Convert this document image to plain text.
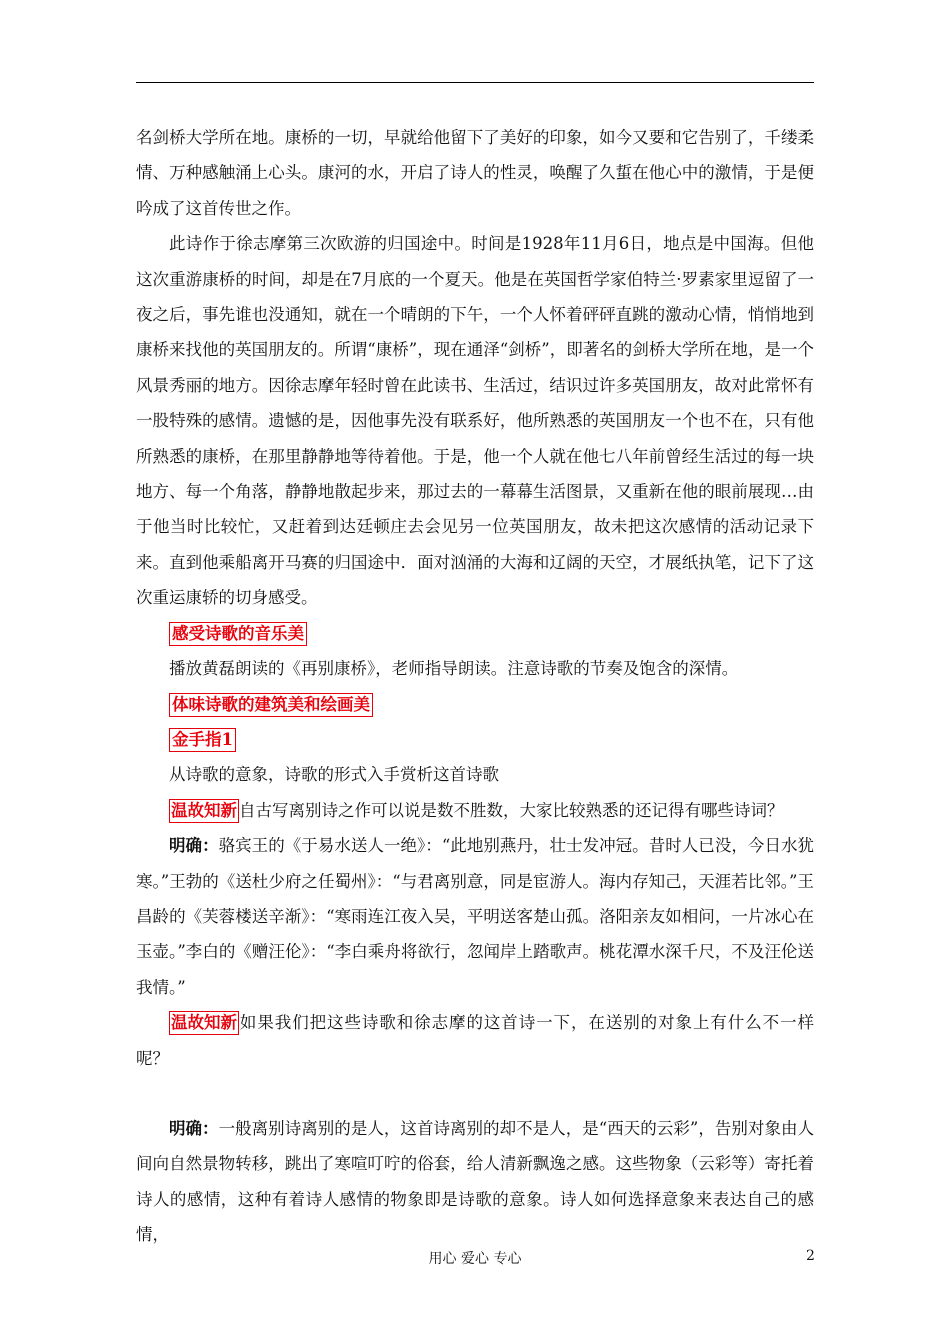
名剑桥大学所在地。康桥的一切，早就给他留下了美好的印象，如今又要和它告别了，千缕柔情、万种感触涌上心头。康河的水，开启了诗人的性灵，唤醒了久蜇在他心中的激情，于是便吟成了这首传世之作。

此诗作于徐志摩第三次欧游的归国途中。时间是1928年11月6日，地点是中国海。但他这次重游康桥的时间，却是在7月底的一个夏天。他是在英国哲学家伯特兰·罗素家里逗留了一夜之后，事先谁也没通知，就在一个晴朗的下午，一个人怀着砰砰直跳的激动心情，悄悄地到康桥来找他的英国朋友的。所谓“康桥”，现在通泽“剑桥”，即著名的剑桥大学所在地，是一个风景秀丽的地方。因徐志摩年轻时曾在此读书、生活过，结识过许多英国朋友，故对此常怀有一股特殊的感情。遗憾的是，因他事先没有联系好，他所熟悉的英国朋友一个也不在，只有他所熟悉的康桥，在那里静静地等待着他。于是，他一个人就在他七八年前曾经生活过的每一块地方、每一个角落，静静地散起步来，那过去的一幕幕生活图景，又重新在他的眼前展现…由于他当时比较忙，又赶着到达廷顿庄去会见另一位英国朋友，故未把这次感情的活动记录下来。直到他乘船离开马赛的归国途中．面对汹涌的大海和辽阔的天空，才展纸执笔，记下了这次重运康轿的切身感受。

感受诗歌的音乐美

播放黄磊朗读的《再别康桥》，老师指导朗读。注意诗歌的节奏及饱含的深情。

体味诗歌的建筑美和绘画美

金手指1

从诗歌的意象，诗歌的形式入手赏析这首诗歌

温故知新 自古写离别诗之作可以说是数不胜数，大家比较熟悉的还记得有哪些诗词？

明确：骆宾王的《于易水送人一绝》：“此地别燕丹，壮士发冲冠。昔时人已没，今日水犹寒。”王勃的《送杜少府之任蜀州》：“与君离别意，同是宦游人。海内存知己，天涯若比邻。”王昌龄的《芙蓉楼送辛渐》：“寒雨连江夜入吴，平明送客楚山孤。洛阳亲友如相问，一片冰心在玉壶。”李白的《赠汪伦》：“李白乘舟将欲行，忽闻岸上踏歌声。桃花潭水深千尺，不及汪伦送我情。”

温故知新 如果我们把这些诗歌和徐志摩的这首诗一下，在送别的对象上有什么不一样呢？

明确：一般离别诗离别的是人，这首诗离别的却不是人，是“西天的云彩”，告别对象由人间向自然景物转移，跳出了寒喧叮咛的俗套，给人清新飘逸之感。这些物象（云彩等）寄托着诗人的感情，这种有着诗人感情的物象即是诗歌的意象。诗人如何选择意象来表达自己的感情，

用心 爱心 专心	2
